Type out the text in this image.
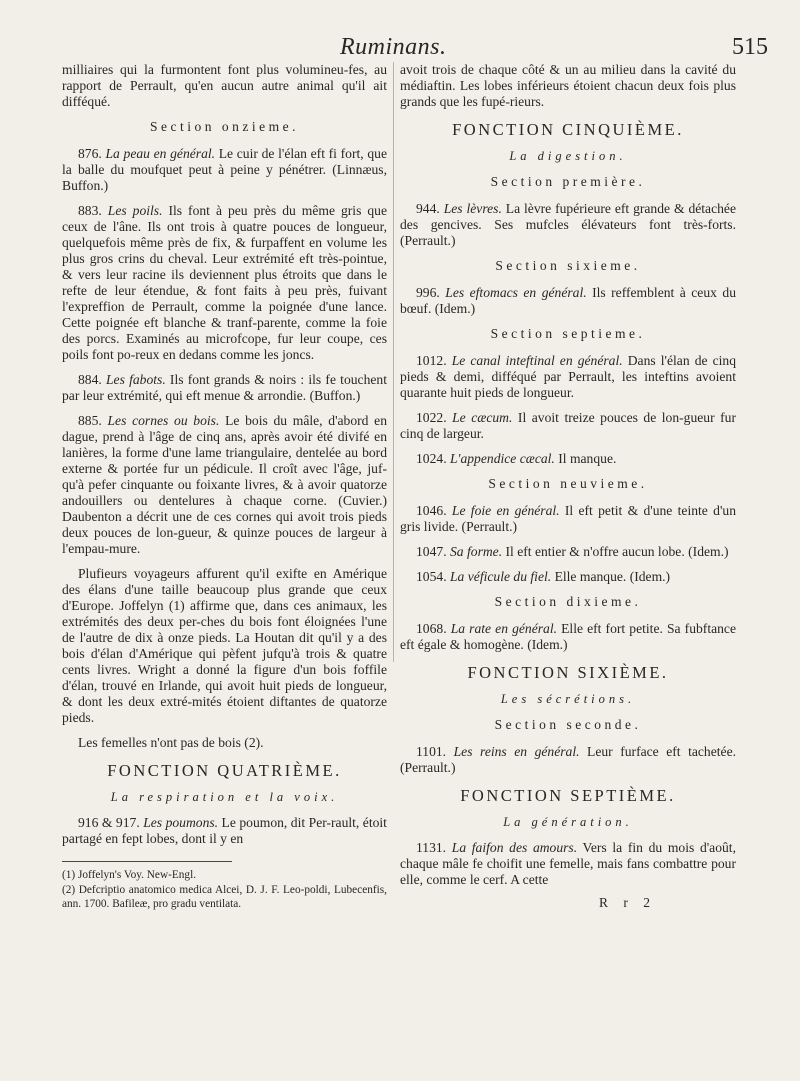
Ruminans.	515

milliaires qui la furmontent font plus volumineu-fes, au rapport de Perrault, qu'en aucun autre animal qu'il ait difféqué.

Section onzieme.

876. La peau en général. Le cuir de l'élan eft fi fort, que la balle du moufquet peut à peine y pénétrer. (Linnæus, Buffon.)

883. Les poils. Ils font à peu près du même gris que ceux de l'âne. Ils ont trois à quatre pouces de longueur, quelquefois même près de fix, & furpaffent en volume les plus gros crins du cheval. Leur extrémité eft très-pointue, & vers leur racine ils deviennent plus étroits que dans le refte de leur étendue, & font faits à peu près, fuivant l'expreffion de Perrault, comme la poignée d'une lance. Cette poignée eft blanche & tranf-parente, comme la foie des porcs. Examinés au microfcope, fur leur coupe, ces poils font po-reux en dedans comme les joncs.

884. Les fabots. Ils font grands & noirs : ils fe touchent par leur extrémité, qui eft menue & arrondie. (Buffon.)

885. Les cornes ou bois. Le bois du mâle, d'abord en dague, prend à l'âge de cinq ans, après avoir été divifé en lanières, la forme d'une lame triangulaire, dentelée au bord externe & portée fur un pédicule. Il croît avec l'âge, juf-qu'à pefer cinquante ou foixante livres, & à avoir quatorze andouillers ou dentelures à chaque corne. (Cuvier.) Daubenton a décrit une de ces cornes qui avoit trois pieds deux pouces de lon-gueur, & quinze pouces de largeur à l'empau-mure.

Plufieurs voyageurs affurent qu'il exifte en Amérique des élans d'une taille beaucoup plus grande que ceux d'Europe. Joffelyn (1) affirme que, dans ces animaux, les extrémités des deux per-ches du bois font éloignées l'une de l'autre de dix à onze pieds. La Houtan dit qu'il y a des bois d'élan d'Amérique qui pèfent jufqu'à trois & quatre cents livres. Wright a donné la figure d'un bois foffile d'élan, trouvé en Irlande, qui avoit huit pieds de longueur, & dont les deux extré-mités étoient diftantes de quatorze pieds.

Les femelles n'ont pas de bois (2).

FONCTION QUATRIÈME.
La respiration et la voix.

916 & 917. Les poumons. Le poumon, dit Per-rault, étoit partagé en fept lobes, dont il y en

(1) Joffelyn's Voy. New-Engl.

(2) Defcriptio anatomico medica Alcei, D. J. F. Leo-poldi, Lubecenfis, ann. 1700. Bafileæ, pro gradu ventilata.

avoit trois de chaque côté & un au milieu dans la cavité du médiaftin. Les lobes inférieurs étoient chacun deux fois plus grands que les fupé-rieurs.

FONCTION CINQUIÈME.
La digestion.
Section première.

944. Les lèvres. La lèvre fupérieure eft grande & détachée des gencives. Ses mufcles élévateurs font très-forts. (Perrault.)

Section sixieme.

996. Les eftomacs en général. Ils reffemblent à ceux du bœuf. (Idem.)

Section septieme.

1012. Le canal inteftinal en général. Dans l'élan de cinq pieds & demi, difféqué par Perrault, les inteftins avoient quarante huit pieds de longueur.

1022. Le cæcum. Il avoit treize pouces de lon-gueur fur cinq de largeur.

1024. L'appendice cæcal. Il manque.

Section neuvieme.

1046. Le foie en général. Il eft petit & d'une teinte d'un gris livide. (Perrault.)

1047. Sa forme. Il eft entier & n'offre aucun lobe. (Idem.)

1054. La véficule du fiel. Elle manque. (Idem.)

Section dixieme.

1068. La rate en général. Elle eft fort petite. Sa fubftance eft égale & homogène. (Idem.)

FONCTION SIXIÈME.
Les sécrétions.
Section seconde.

1101. Les reins en général. Leur furface eft tachetée. (Perrault.)

FONCTION SEPTIÈME.
La génération.

1131. La faifon des amours. Vers la fin du mois d'août, chaque mâle fe choifit une femelle, mais fans combattre pour elle, comme le cerf. A cette

R r 2
